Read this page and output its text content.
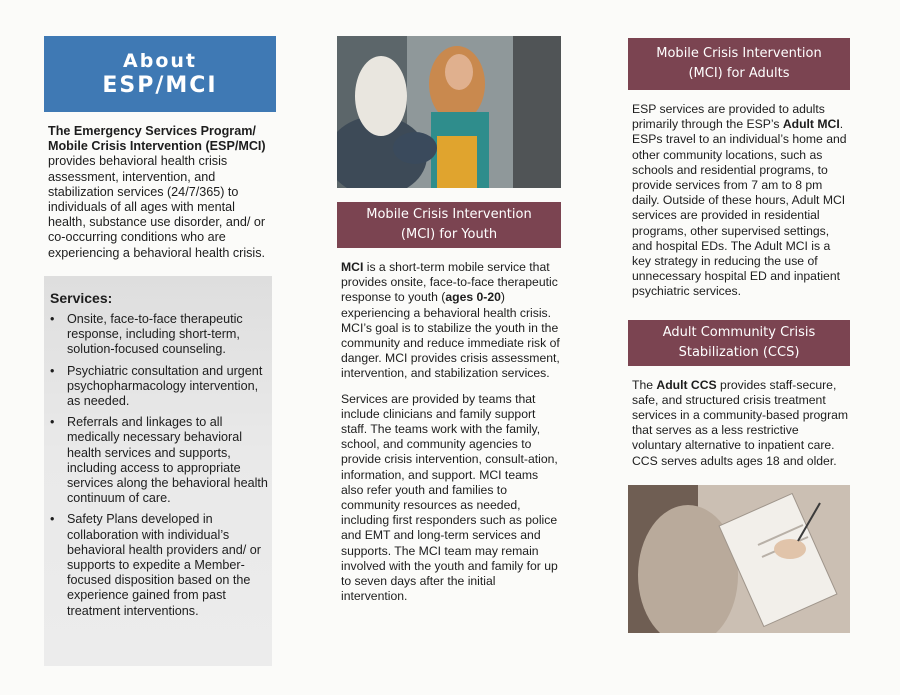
About
ESP/MCI

The Emergency Services Program/ Mobile Crisis Intervention (ESP/MCI) provides behavioral health crisis assessment, intervention, and stabilization services (24/7/365) to individuals of all ages with mental health, substance use disorder, and/ or co-occurring conditions who are experiencing a behavioral health crisis.

Services:
• Onsite, face-to-face therapeutic response, including short-term, solution-focused counseling.
• Psychiatric consultation and urgent psychopharmacology intervention, as needed.
• Referrals and linkages to all medically necessary behavioral health services and supports, including access to appropriate services along the behavioral health continuum of care.
• Safety Plans developed in collaboration with individual’s behavioral health providers and/ or supports to expedite a Member-focused disposition based on the experience gained from past treatment interventions.
Mobile Crisis Intervention
(MCI) for Youth

MCI is a short-term mobile service that provides onsite, face-to-face therapeutic response to youth (ages 0-20) experiencing a behavioral health crisis. MCI’s goal is to stabilize the youth in the community and reduce immediate risk of danger. MCI provides crisis assessment, intervention, and stabilization services.

Services are provided by teams that include clinicians and family support staff. The teams work with the family, school, and community agencies to provide crisis intervention, consult-ation, information, and support. MCI teams also refer youth and families to community resources as needed, including first responders such as police and EMT and long-term services and supports. The MCI team may remain involved with the youth and family for up to seven days after the initial intervention.

Mobile Crisis Intervention
(MCI) for Adults

ESP services are provided to adults primarily through the ESP’s Adult MCI. ESPs travel to an individual’s home and other community locations, such as schools and residential programs, to provide services from 7 am to 8 pm daily. Outside of these hours, Adult MCI services are provided in residential programs, other supervised settings, and hospital EDs. The Adult MCI is a key strategy in reducing the use of unnecessary hospital ED and inpatient psychiatric services.

Adult Community Crisis
Stabilization (CCS)

The Adult CCS provides staff-secure, safe, and structured crisis treatment services in a community-based program that serves as a less restrictive voluntary alternative to inpatient care. CCS serves adults ages 18 and older.
